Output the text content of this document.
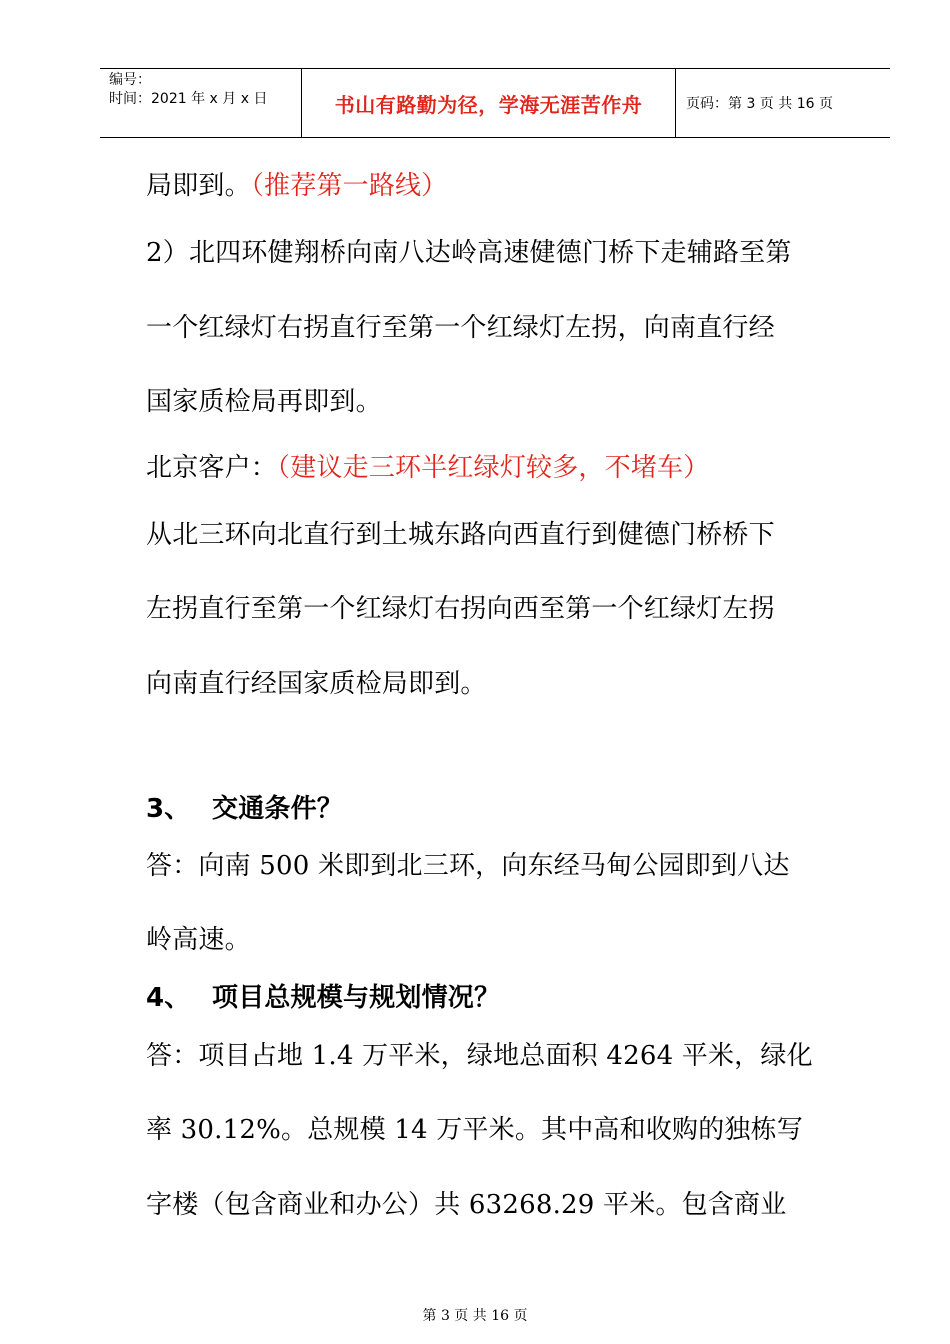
编号：
时间：2021 年 x 月 x 日	书山有路勤为径，学海无涯苦作舟	页码：第 3 页 共 16 页
局即到。（推荐第一路线）
2）北四环健翔桥向南八达岭高速健德门桥下走辅路至第
一个红绿灯右拐直行至第一个红绿灯左拐，向南直行经
国家质检局再即到。
北京客户：（建议走三环半红绿灯较多，不堵车）
从北三环向北直行到土城东路向西直行到健德门桥桥下
左拐直行至第一个红绿灯右拐向西至第一个红绿灯左拐
向南直行经国家质检局即到。
3、 交通条件？
答：向南 500 米即到北三环，向东经马甸公园即到八达
岭高速。
4、 项目总规模与规划情况？
答：项目占地 1.4 万平米，绿地总面积 4264 平米，绿化
率 30.12%。总规模 14 万平米。其中高和收购的独栋写
字楼（包含商业和办公）共 63268.29 平米。包含商业
第 3 页 共 16 页
